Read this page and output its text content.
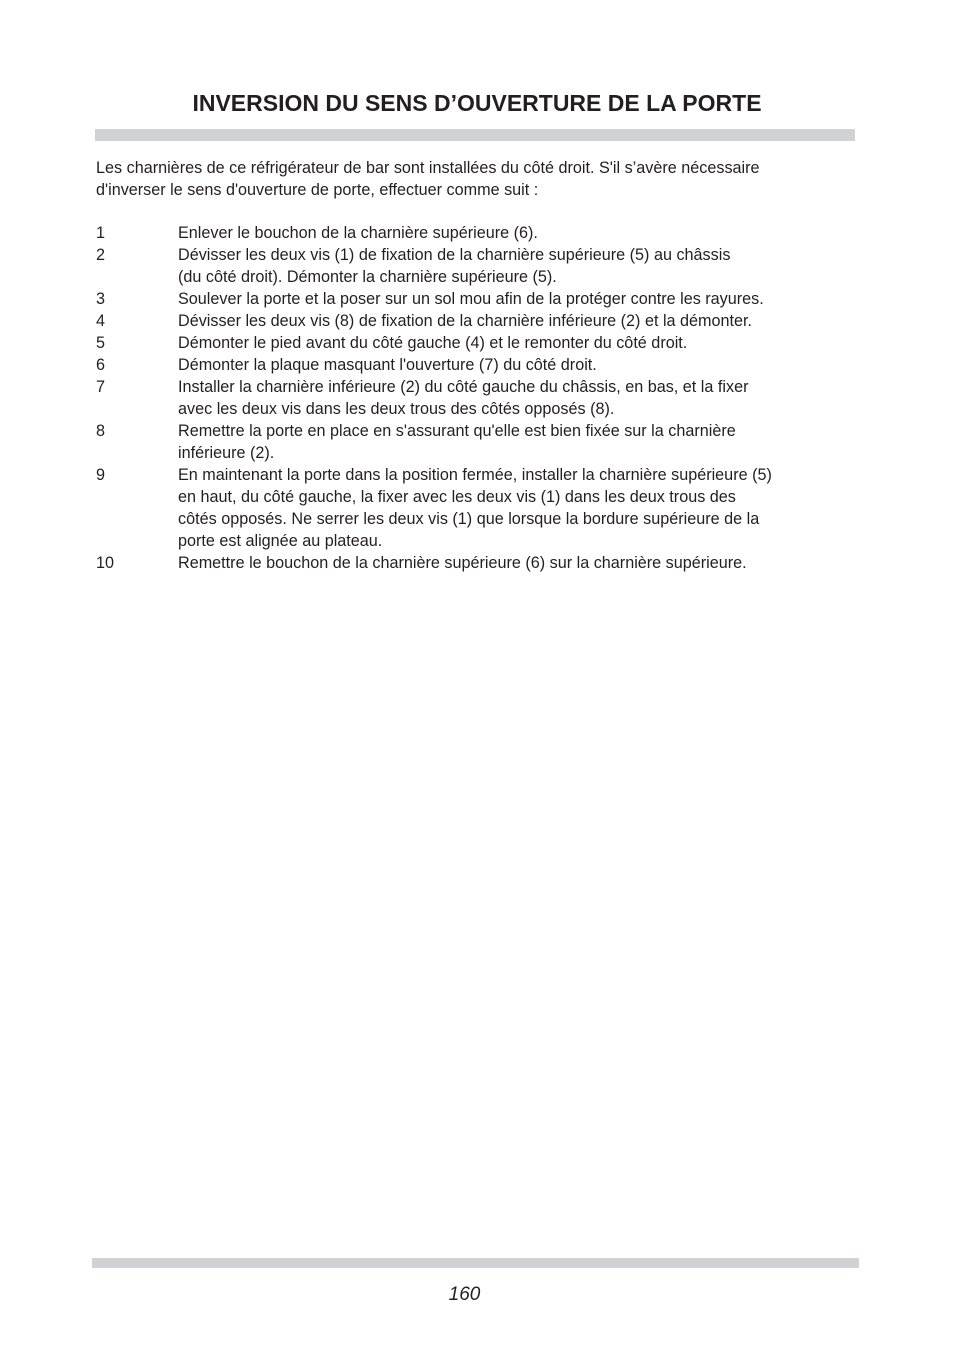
INVERSION DU SENS D’OUVERTURE DE LA PORTE
Les charnières de ce réfrigérateur de bar sont installées du côté droit. S'il s’avère nécessaire
d'inverser le sens d'ouverture de porte, effectuer comme suit :
1	Enlever le bouchon de la charnière supérieure (6).
2	Dévisser les deux vis (1) de fixation de la charnière supérieure (5) au châssis
(du côté droit). Démonter la charnière supérieure (5).
3	Soulever la porte et la poser sur un sol mou afin de la protéger contre les rayures.
4	Dévisser les deux vis (8) de fixation de la charnière inférieure (2) et la démonter.
5	Démonter le pied avant du côté gauche (4) et le remonter du côté droit.
6	Démonter la plaque masquant l'ouverture (7) du côté droit.
7	Installer la charnière inférieure (2) du côté gauche du châssis, en bas, et la fixer
avec les deux vis dans les deux trous des côtés opposés (8).
8	Remettre la porte en place en s'assurant qu'elle est bien fixée sur la charnière
inférieure (2).
9	En maintenant la porte dans la position fermée, installer la charnière supérieure (5)
en haut, du côté gauche, la fixer avec les deux vis (1) dans les deux trous des
côtés opposés. Ne serrer les deux vis (1) que lorsque la bordure supérieure de la
porte est alignée au plateau.
10	Remettre le bouchon de la charnière supérieure (6) sur la charnière supérieure.
160
